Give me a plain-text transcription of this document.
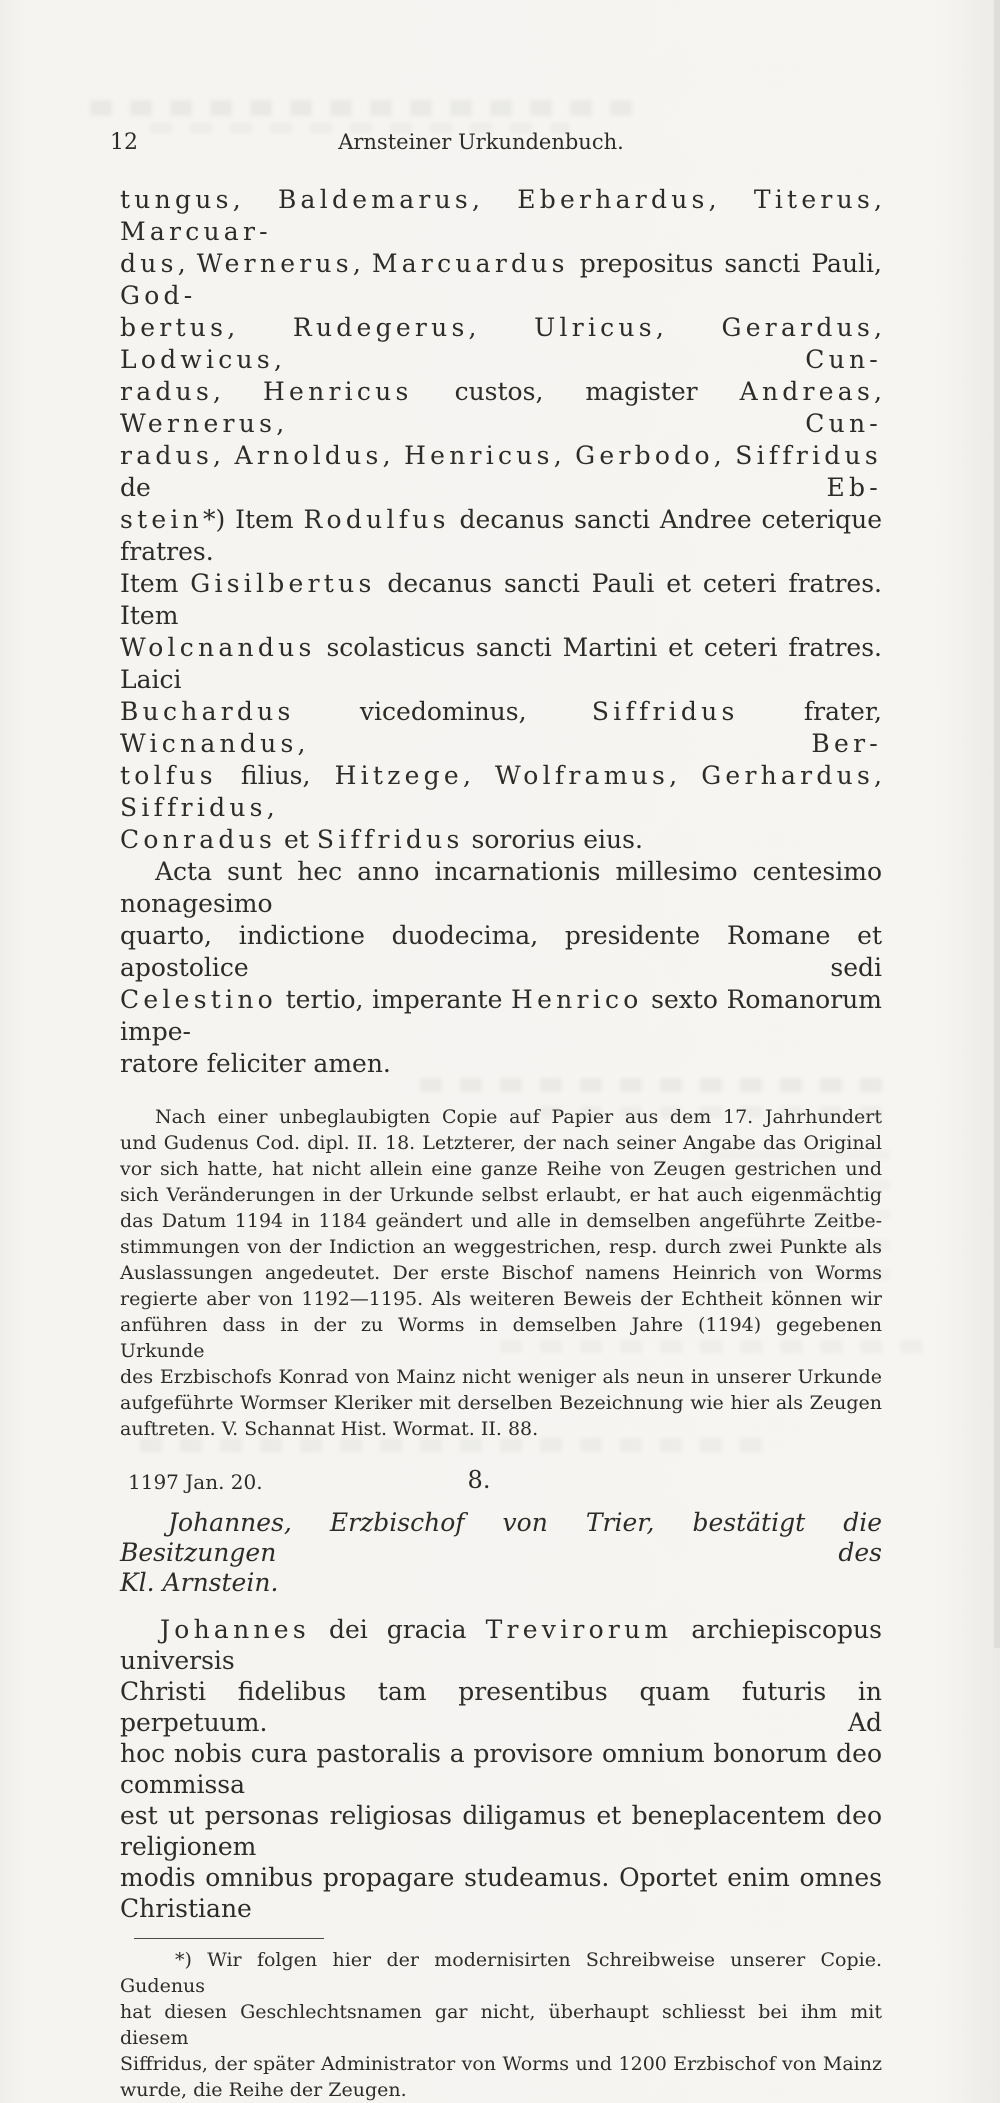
12	Arnsteiner Urkundenbuch.
tungus, Baldemarus, Eberhardus, Titerus, Marcuar-
dus, Wernerus, Marcuardus prepositus sancti Pauli, God-
bertus, Rudegerus, Ulricus, Gerardus, Lodwicus, Cun-
radus, Henricus custos, magister Andreas, Wernerus, Cun-
radus, Arnoldus, Henricus, Gerbodo, Siffridus de Eb-
stein*) Item Rodulfus decanus sancti Andree ceterique fratres.
Item Gisilbertus decanus sancti Pauli et ceteri fratres. Item
Wolcnandus scolasticus sancti Martini et ceteri fratres. Laici
Buchardus vicedominus, Siffridus frater, Wicnandus, Ber-
tolfus filius, Hitzege, Wolframus, Gerhardus, Siffridus,
Conradus et Siffridus sororius eius.
Acta sunt hec anno incarnationis millesimo centesimo nonagesimo
quarto, indictione duodecima, presidente Romane et apostolice sedi
Celestino tertio, imperante Henrico sexto Romanorum impe-
ratore feliciter amen.
Nach einer unbeglaubigten Copie auf Papier aus dem 17. Jahrhundert
und Gudenus Cod. dipl. II. 18. Letzterer, der nach seiner Angabe das Original
vor sich hatte, hat nicht allein eine ganze Reihe von Zeugen gestrichen und
sich Veränderungen in der Urkunde selbst erlaubt, er hat auch eigenmächtig
das Datum 1194 in 1184 geändert und alle in demselben angeführte Zeitbe-
stimmungen von der Indiction an weggestrichen, resp. durch zwei Punkte als
Auslassungen angedeutet. Der erste Bischof namens Heinrich von Worms
regierte aber von 1192—1195. Als weiteren Beweis der Echtheit können wir
anführen dass in der zu Worms in demselben Jahre (1194) gegebenen Urkunde
des Erzbischofs Konrad von Mainz nicht weniger als neun in unserer Urkunde
aufgeführte Wormser Kleriker mit derselben Bezeichnung wie hier als Zeugen
auftreten. V. Schannat Hist. Wormat. II. 88.
1197 Jan. 20.	8.
Johannes, Erzbischof von Trier, bestätigt die Besitzungen des
Kl. Arnstein.
Johannes dei gracia Trevirorum archiepiscopus universis
Christi fidelibus tam presentibus quam futuris in perpetuum. Ad
hoc nobis cura pastoralis a provisore omnium bonorum deo commissa
est ut personas religiosas diligamus et beneplacentem deo religionem
modis omnibus propagare studeamus. Oportet enim omnes Christiane
*) Wir folgen hier der modernisirten Schreibweise unserer Copie. Gudenus
hat diesen Geschlechtsnamen gar nicht, überhaupt schliesst bei ihm mit diesem
Siffridus, der später Administrator von Worms und 1200 Erzbischof von Mainz
wurde, die Reihe der Zeugen.
